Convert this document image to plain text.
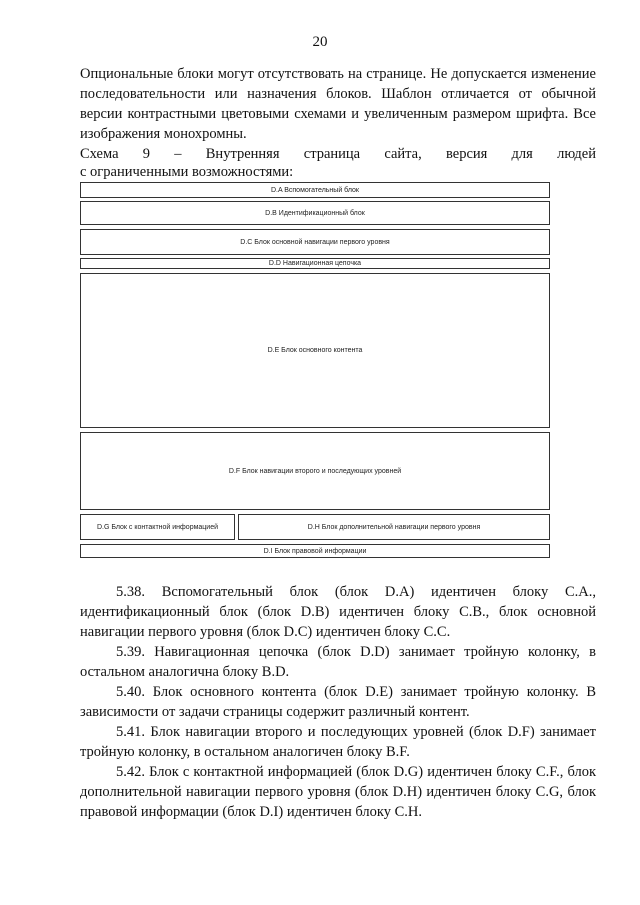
20

Опциональные блоки могут отсутствовать на странице. Не допускается изменение последовательности или назначения блоков. Шаблон отличается от обычной версии контрастными цветовыми схемами и увеличенным размером шрифта. Все изображения монохромны.

Схема 9 – Внутренняя страница сайта, версия для людей

с ограниченными возможностями:

D.A Вспомогательный блок
D.B Идентификационный блок
D.C Блок основной навигации первого уровня
D.D Навигационная цепочка
D.E Блок основного контента
D.F Блок навигации второго и последующих уровней
D.G Блок с контактной информацией	D.H Блок дополнительной навигации первого уровня
D.I Блок правовой информации

5.38. Вспомогательный блок (блок D.A) идентичен блоку С.А., идентификационный блок (блок D.B) идентичен блоку С.В., блок основной навигации первого уровня (блок D.C) идентичен блоку С.С.

5.39. Навигационная цепочка (блок D.D) занимает тройную колонку, в остальном аналогична блоку B.D.

5.40. Блок основного контента (блок D.E) занимает тройную колонку. В зависимости от задачи страницы содержит различный контент.

5.41. Блок навигации второго и последующих уровней (блок D.F) занимает тройную колонку, в остальном аналогичен блоку B.F.

5.42. Блок с контактной информацией (блок D.G) идентичен блоку C.F., блок дополнительной навигации первого уровня (блок D.H) идентичен блоку C.G, блок правовой информации (блок D.I) идентичен блоку С.Н.
